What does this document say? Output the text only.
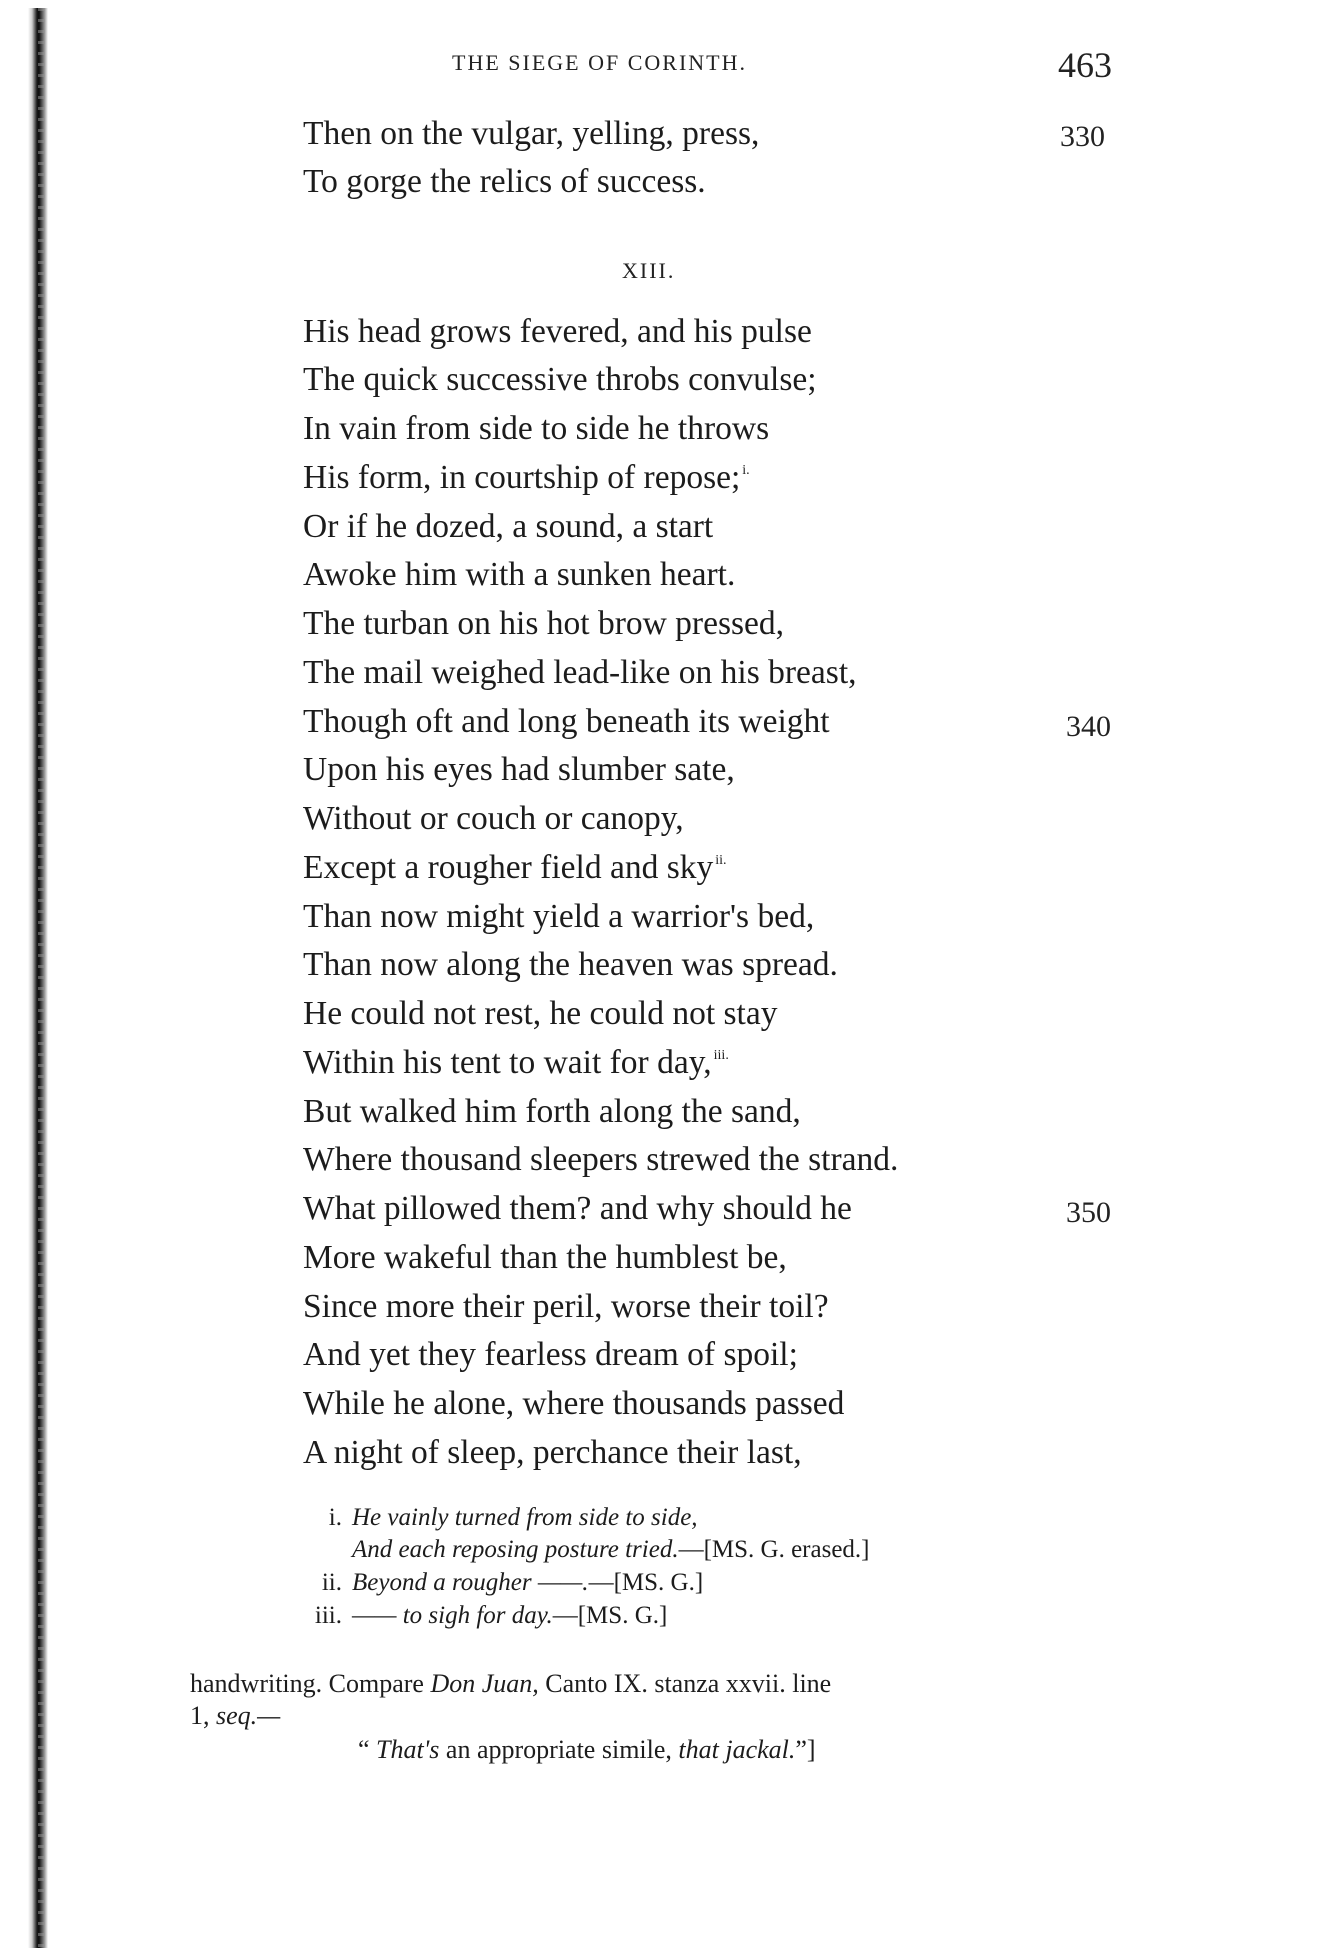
THE SIEGE OF CORINTH.	463
Then on the vulgar, yelling, press,	330
To gorge the relics of success.
XIII.
His head grows fevered, and his pulse
The quick successive throbs convulse;
In vain from side to side he throws
His form, in courtship of repose; $^{i.}$
Or if he dozed, a sound, a start
Awoke him with a sunken heart.
The turban on his hot brow pressed,
The mail weighed lead-like on his breast,
Though oft and long beneath its weight	340
Upon his eyes had slumber sate,
Without or couch or canopy,
Except a rougher field and sky $^{ii.}$
Than now might yield a warrior's bed,
Than now along the heaven was spread.
He could not rest, he could not stay
Within his tent to wait for day, $^{iii.}$
But walked him forth along the sand,
Where thousand sleepers strewed the strand.
What pillowed them? and why should he	350
More wakeful than the humblest be,
Since more their peril, worse their toil?
And yet they fearless dream of spoil;
While he alone, where thousands passed
A night of sleep, perchance their last,
i. He vainly turned from side to side,
And each reposing posture tried.—[MS. G. erased.]
ii. Beyond a rougher ——.—[MS. G.]
iii. —— to sigh for day.—[MS. G.]
handwriting. Compare Don Juan, Canto IX. stanza xxvii. line
1, seq.—
“ That's an appropriate simile, that jackal.”]
